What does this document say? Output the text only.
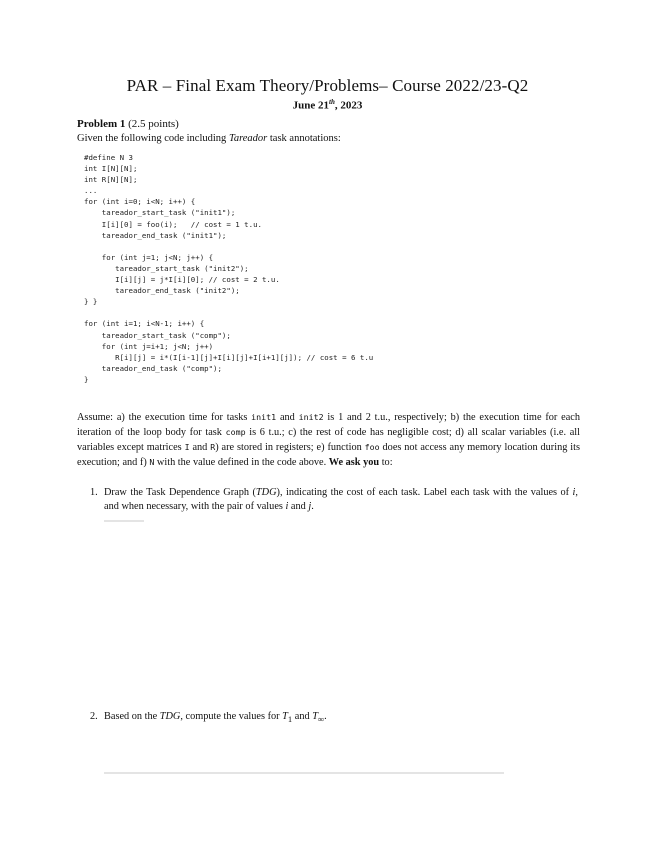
PAR – Final Exam Theory/Problems– Course 2022/23-Q2
June 21th, 2023
Problem 1 (2.5 points)
Given the following code including Tareador task annotations:
#define N 3
int I[N][N];
int R[N][N];
...
for (int i=0; i<N; i++) {
tareador_start_task ("init1");
I[i][0] = foo(i);   // cost = 1 t.u.
tareador_end_task ("init1");

for (int j=1; j<N; j++) {
tareador_start_task ("init2");
I[i][j] = j*I[i][0]; // cost = 2 t.u.
tareador_end_task ("init2");
} }

for (int i=1; i<N-1; i++) {
tareador_start_task ("comp");
for (int j=i+1; j<N; j++)
R[i][j] = i*(I[i-1][j]+I[i][j]+I[i+1][j]); // cost = 6 t.u
tareador_end_task ("comp");
}
Assume: a) the execution time for tasks init1 and init2 is 1 and 2 t.u., respectively; b) the execution time for each iteration of the loop body for task comp is 6 t.u.; c) the rest of code has negligible cost; d) all scalar variables (i.e. all variables except matrices I and R) are stored in registers; e) function foo does not access any memory location during its execution; and f) N with the value defined in the code above. We ask you to:
1. Draw the Task Dependence Graph (TDG), indicating the cost of each task. Label each task with the values of i, and when necessary, with the pair of values i and j.
2. Based on the TDG, compute the values for $T_1$ and $T_\infty$.
